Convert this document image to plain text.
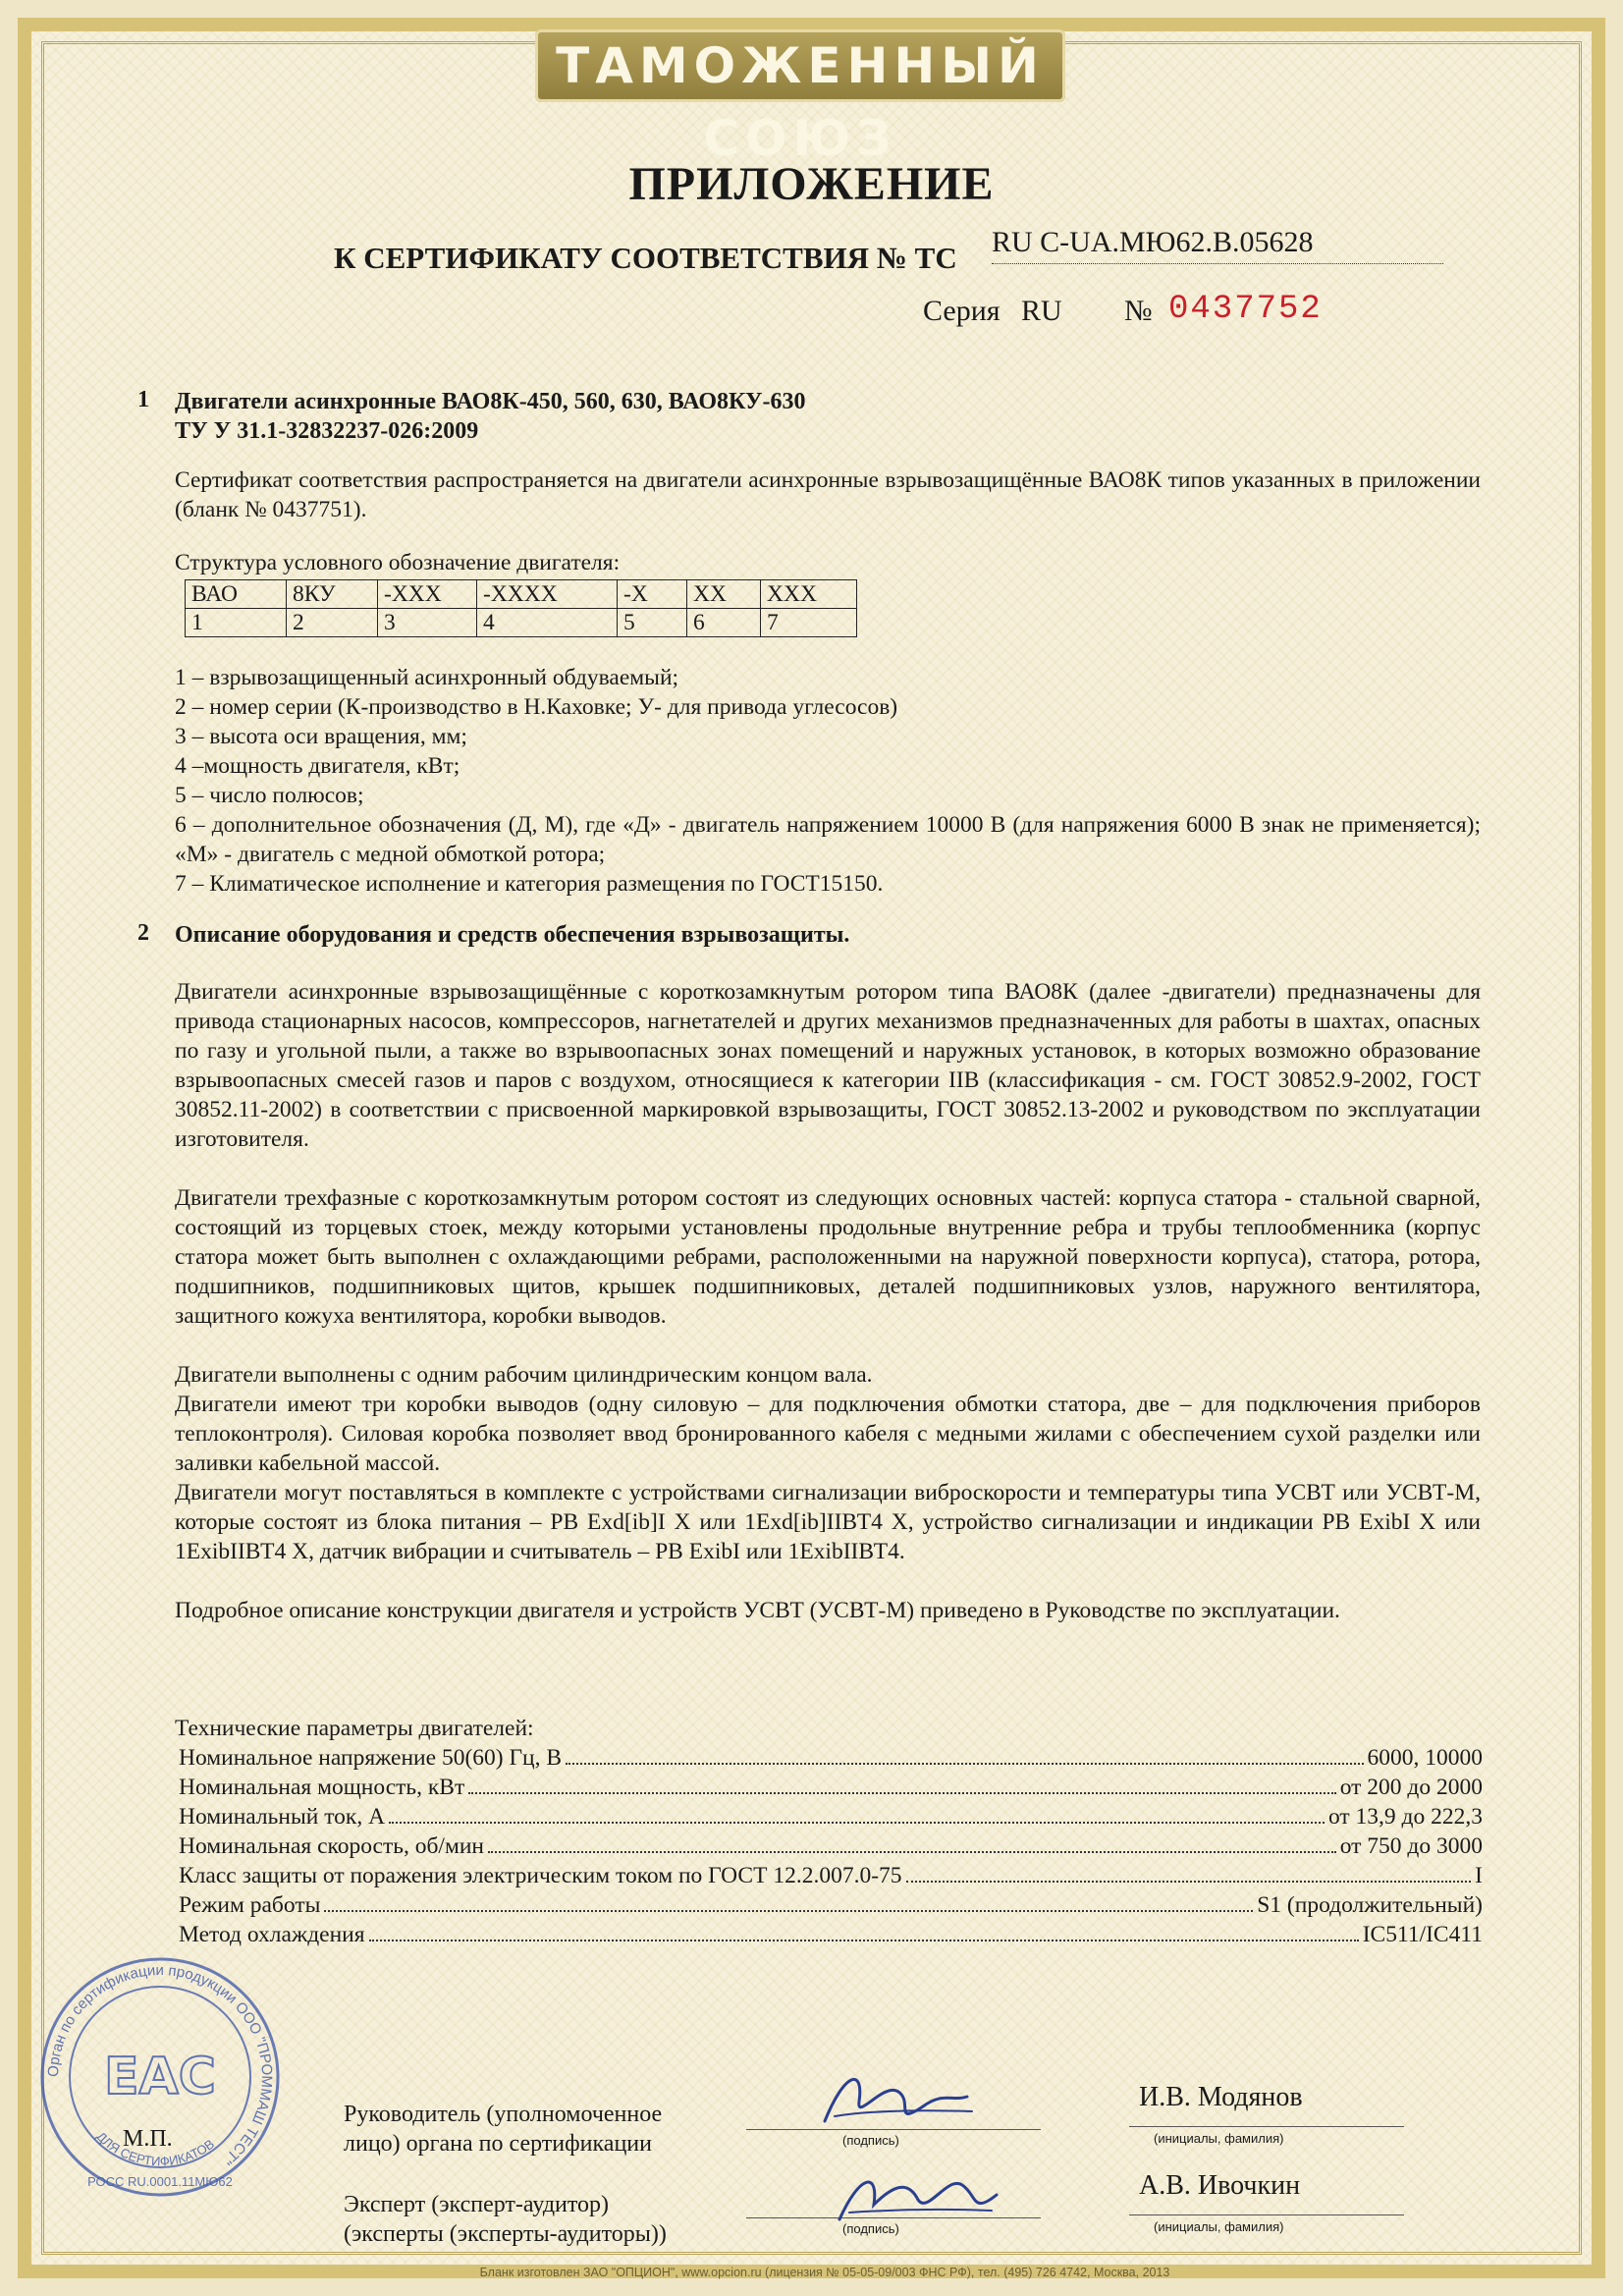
ТАМОЖЕННЫЙ СОЮЗ
ПРИЛОЖЕНИЕ
К СЕРТИФИКАТУ СООТВЕТСТВИЯ № ТС RU C-UA.МЮ62.В.05628
Серия RU № 0437752
1 Двигатели асинхронные ВАО8К-450, 560, 630, ВАО8КУ-630
ТУ У 31.1-32832237-026:2009
Сертификат соответствия распространяется на двигатели асинхронные взрывозащищённые ВАО8К типов указанных в приложении (бланк № 0437751).
Структура условного обозначение двигателя:
ВАО	8КУ	-ХХХ	-ХХХХ	-Х	ХХ	ХХХ
1	2	3	4	5	6	7
1 – взрывозащищенный асинхронный обдуваемый;
2 – номер серии (К-производство в Н.Каховке; У- для привода углесосов)
3 – высота оси вращения, мм;
4 –мощность двигателя, кВт;
5 – число полюсов;
6 – дополнительное обозначения (Д, М), где «Д» - двигатель напряжением 10000 В (для напряжения 6000 В знак не применяется); «М» - двигатель с медной обмоткой ротора;
7 – Климатическое исполнение и категория размещения по ГОСТ15150.
2 Описание оборудования и средств обеспечения взрывозащиты.
Двигатели асинхронные взрывозащищённые с короткозамкнутым ротором типа ВАО8К (далее -двигатели) предназначены для привода стационарных насосов, компрессоров, нагнетателей и других механизмов предназначенных для работы в шахтах, опасных по газу и угольной пыли, а также во взрывоопасных зонах помещений и наружных установок, в которых возможно образование взрывоопасных смесей газов и паров с воздухом, относящиеся к категории IIВ (классификация - см. ГОСТ 30852.9-2002, ГОСТ 30852.11-2002) в соответствии с присвоенной маркировкой взрывозащиты, ГОСТ 30852.13-2002 и руководством по эксплуатации изготовителя.
Двигатели трехфазные с короткозамкнутым ротором состоят из следующих основных частей: корпуса статора - стальной сварной, состоящий из торцевых стоек, между которыми установлены продольные внутренние ребра и трубы теплообменника (корпус статора может быть выполнен с охлаждающими ребрами, расположенными на наружной поверхности корпуса), статора, ротора, подшипников, подшипниковых щитов, крышек подшипниковых, деталей подшипниковых узлов, наружного вентилятора, защитного кожуха вентилятора, коробки выводов.
Двигатели выполнены с одним рабочим цилиндрическим концом вала.
Двигатели имеют три коробки выводов (одну силовую – для подключения обмотки статора, две – для подключения приборов теплоконтроля). Силовая коробка позволяет ввод бронированного кабеля с медными жилами с обеспечением сухой разделки или заливки кабельной массой.
Двигатели могут поставляться в комплекте с устройствами сигнализации виброскорости и температуры типа УСВТ или УСВТ-М, которые состоят из блока питания – PB Exd[ib]I X или 1Exd[ib]IIВТ4 X, устройство сигнализации и индикации PB ExibI X или 1ExibIIВТ4 X, датчик вибрации и считыватель – PB ExibI или 1ExibIIВТ4.
Подробное описание конструкции двигателя и устройств УСВТ (УСВТ-М) приведено в Руководстве по эксплуатации.
Технические параметры двигателей:
Номинальное напряжение 50(60) Гц, В	6000, 10000
Номинальная мощность, кВт	от 200 до 2000
Номинальный ток, А	от 13,9 до 222,3
Номинальная скорость, об/мин	от 750 до 3000
Класс защиты от поражения электрическим током по ГОСТ 12.2.007.0-75	I
Режим работы	S1 (продолжительный)
Метод охлаждения	IC511/IC411
Орган по сертификации продукции ООО "ПРОММАШ ТЕСТ"
ЕАС
ДЛЯ СЕРТИФИКАТОВ
РОСС RU.0001.11МЮ62
М.П.
Руководитель (уполномоченное
лицо) органа по сертификации	(подпись)
И.В. Модянов
(инициалы, фамилия)
Эксперт (эксперт-аудитор)
(эксперты (эксперты-аудиторы))	(подпись)
А.В. Ивочкин
(инициалы, фамилия)
Бланк изготовлен ЗАО "ОПЦИОН", www.opcion.ru (лицензия № 05-05-09/003 ФНС РФ), тел. (495) 726 4742, Москва, 2013
